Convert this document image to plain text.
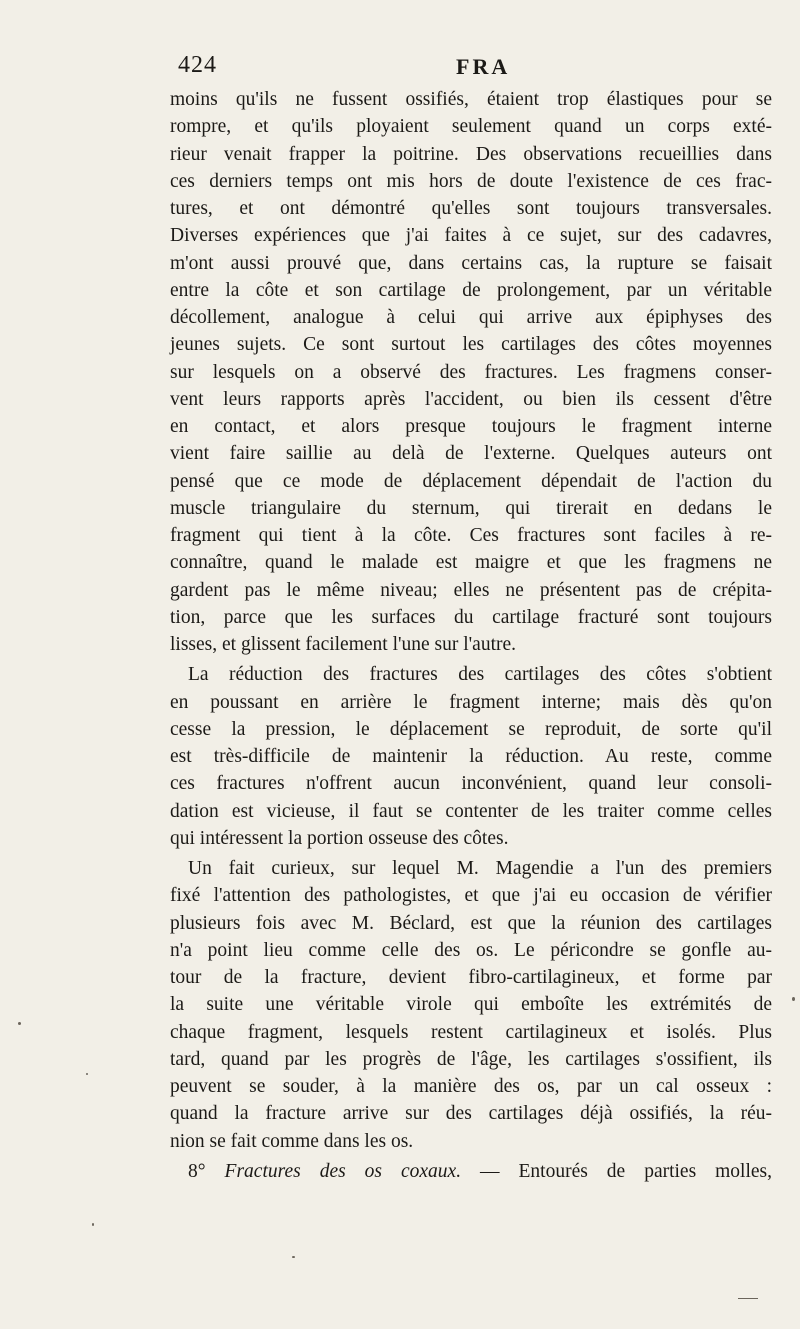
424	FRA
moins qu'ils ne fussent ossifiés, étaient trop élastiques pour se
rompre, et qu'ils ployaient seulement quand un corps exté-
rieur venait frapper la poitrine. Des observations recueillies dans
ces derniers temps ont mis hors de doute l'existence de ces frac-
tures, et ont démontré qu'elles sont toujours transversales.
Diverses expériences que j'ai faites à ce sujet, sur des cadavres,
m'ont aussi prouvé que, dans certains cas, la rupture se faisait
entre la côte et son cartilage de prolongement, par un véritable
décollement, analogue à celui qui arrive aux épiphyses des
jeunes sujets. Ce sont surtout les cartilages des côtes moyennes
sur lesquels on a observé des fractures. Les fragmens conser-
vent leurs rapports après l'accident, ou bien ils cessent d'être
en contact, et alors presque toujours le fragment interne
vient faire saillie au delà de l'externe. Quelques auteurs ont
pensé que ce mode de déplacement dépendait de l'action du
muscle triangulaire du sternum, qui tirerait en dedans le
fragment qui tient à la côte. Ces fractures sont faciles à re-
connaître, quand le malade est maigre et que les fragmens ne
gardent pas le même niveau; elles ne présentent pas de crépita-
tion, parce que les surfaces du cartilage fracturé sont toujours
lisses, et glissent facilement l'une sur l'autre.
La réduction des fractures des cartilages des côtes s'obtient
en poussant en arrière le fragment interne; mais dès qu'on
cesse la pression, le déplacement se reproduit, de sorte qu'il
est très-difficile de maintenir la réduction. Au reste, comme
ces fractures n'offrent aucun inconvénient, quand leur consoli-
dation est vicieuse, il faut se contenter de les traiter comme celles
qui intéressent la portion osseuse des côtes.
Un fait curieux, sur lequel M. Magendie a l'un des premiers
fixé l'attention des pathologistes, et que j'ai eu occasion de vérifier
plusieurs fois avec M. Béclard, est que la réunion des cartilages
n'a point lieu comme celle des os. Le péricondre se gonfle au-
tour de la fracture, devient fibro-cartilagineux, et forme par
la suite une véritable virole qui emboîte les extrémités de
chaque fragment, lesquels restent cartilagineux et isolés. Plus
tard, quand par les progrès de l'âge, les cartilages s'ossifient, ils
peuvent se souder, à la manière des os, par un cal osseux :
quand la fracture arrive sur des cartilages déjà ossifiés, la réu-
nion se fait comme dans les os.
8° Fractures des os coxaux. — Entourés de parties molles,
